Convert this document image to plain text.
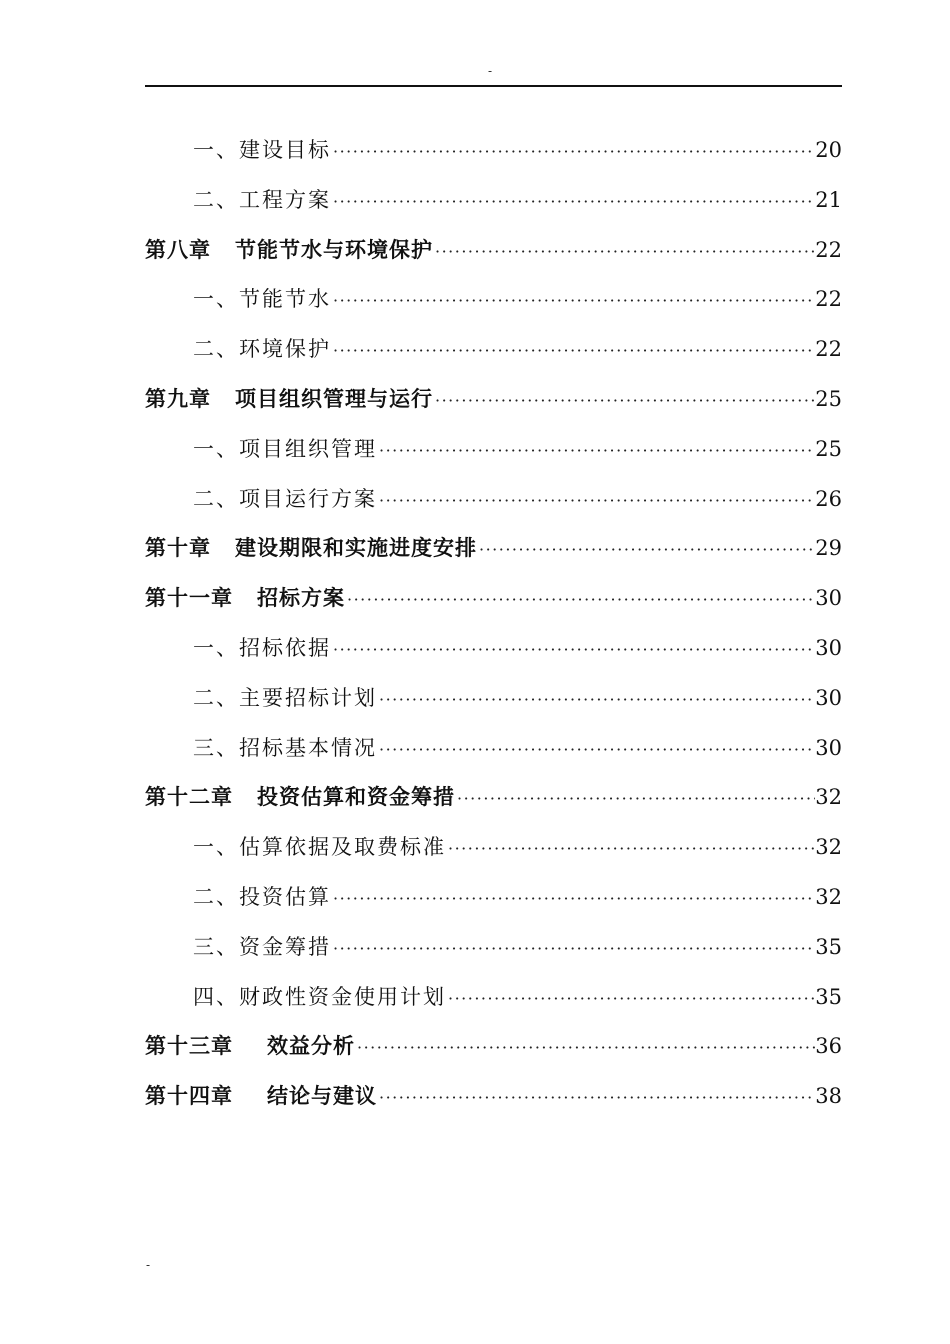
-
一、建设目标 ·····	20
二、工程方案 ·····	21
第八章	节能节水与环境保护 ·····	22
一、节能节水 ·····	22
二、环境保护 ·····	22
第九章	项目组织管理与运行 ·····	25
一、项目组织管理 ·····	25
二、项目运行方案 ·····	26
第十章	建设期限和实施进度安排 ·····	29
第十一章	招标方案 ·····	30
一、招标依据 ·····	30
二、主要招标计划 ·····	30
三、招标基本情况 ·····	30
第十二章	投资估算和资金筹措 ·····	32
一、估算依据及取费标准 ·····	32
二、投资估算 ·····	32
三、资金筹措 ·····	35
四、财政性资金使用计划 ·····	35
第十三章	效益分析 ·····	36
第十四章	结论与建议 ·····	38
-
